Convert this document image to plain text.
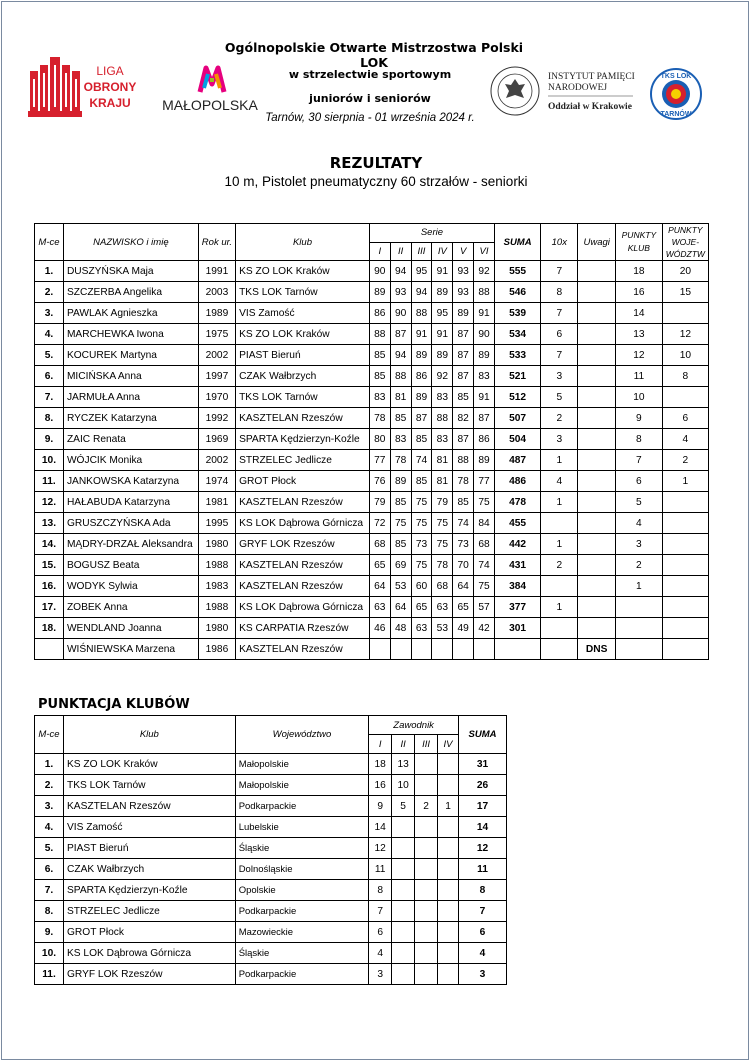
LIGA
OBRONY
KRAJU MAŁOPOLSKA
Ogólnopolskie Otwarte Mistrzostwa Polski LOK
w strzelectwie sportowym
juniorów i seniorów
Tarnów, 30 sierpnia - 01 września 2024 r.
INSTYTUT PAMIĘCI
NARODOWEJ
Oddział w Krakowie
TKS LOK
TARNÓW
REZULTATY
10 m, Pistolet pneumatyczny 60 strzałów - seniorki
M-ce	NAZWISKO i imię	Rok ur.	Klub	Serie						SUMA	10x	Uwagi	PUNKTY
KLUB	PUNKTY
WOJE-
WÓDZTW
				I	II	III	IV	V	VI					
1.	DUSZYŃSKA Maja	1991	KS ZO LOK Kraków	90	94	95	91	93	92	555	7		18	20
2.	SZCZERBA Angelika	2003	TKS LOK Tarnów	89	93	94	89	93	88	546	8		16	15
3.	PAWLAK Agnieszka	1989	VIS Zamość	86	90	88	95	89	91	539	7		14	
4.	MARCHEWKA Iwona	1975	KS ZO LOK Kraków	88	87	91	91	87	90	534	6		13	12
5.	KOCUREK Martyna	2002	PIAST Bieruń	85	94	89	89	87	89	533	7		12	10
6.	MICIŃSKA Anna	1997	CZAK Wałbrzych	85	88	86	92	87	83	521	3		11	8
7.	JARMUŁA Anna	1970	TKS LOK Tarnów	83	81	89	83	85	91	512	5		10	
8.	RYCZEK Katarzyna	1992	KASZTELAN Rzeszów	78	85	87	88	82	87	507	2		9	6
9.	ZAIC Renata	1969	SPARTA Kędzierzyn-Koźle	80	83	85	83	87	86	504	3		8	4
10.	WÓJCIK Monika	2002	STRZELEC Jedlicze	77	78	74	81	88	89	487	1		7	2
11.	JANKOWSKA Katarzyna	1974	GROT Płock	76	89	85	81	78	77	486	4		6	1
12.	HAŁABUDA Katarzyna	1981	KASZTELAN Rzeszów	79	85	75	79	85	75	478	1		5	
13.	GRUSZCZYŃSKA Ada	1995	KS LOK Dąbrowa Górnicza	72	75	75	75	74	84	455			4	
14.	MĄDRY-DRZAŁ Aleksandra	1980	GRYF LOK Rzeszów	68	85	73	75	73	68	442	1		3	
15.	BOGUSZ Beata	1988	KASZTELAN Rzeszów	65	69	75	78	70	74	431	2		2	
16.	WODYK Sylwia	1983	KASZTELAN Rzeszów	64	53	60	68	64	75	384			1	
17.	ZOBEK Anna	1988	KS LOK Dąbrowa Górnicza	63	64	65	63	65	57	377	1			
18.	WENDLAND Joanna	1980	KS CARPATIA Rzeszów	46	48	63	53	49	42	301				
	WIŚNIEWSKA Marzena	1986	KASZTELAN Rzeszów									DNS		
PUNKTACJA KLUBÓW
M-ce	Klub	Województwo	Zawodnik				SUMA
			I	II	III	IV	
1.	KS ZO LOK Kraków	Małopolskie	18	13			31
2.	TKS LOK Tarnów	Małopolskie	16	10			26
3.	KASZTELAN Rzeszów	Podkarpackie	9	5	2	1	17
4.	VIS Zamość	Lubelskie	14				14
5.	PIAST Bieruń	Śląskie	12				12
6.	CZAK Wałbrzych	Dolnośląskie	11				11
7.	SPARTA Kędzierzyn-Koźle	Opolskie	8				8
8.	STRZELEC Jedlicze	Podkarpackie	7				7
9.	GROT Płock	Mazowieckie	6				6
10.	KS LOK Dąbrowa Górnicza	Śląskie	4				4
11.	GRYF LOK Rzeszów	Podkarpackie	3				3
